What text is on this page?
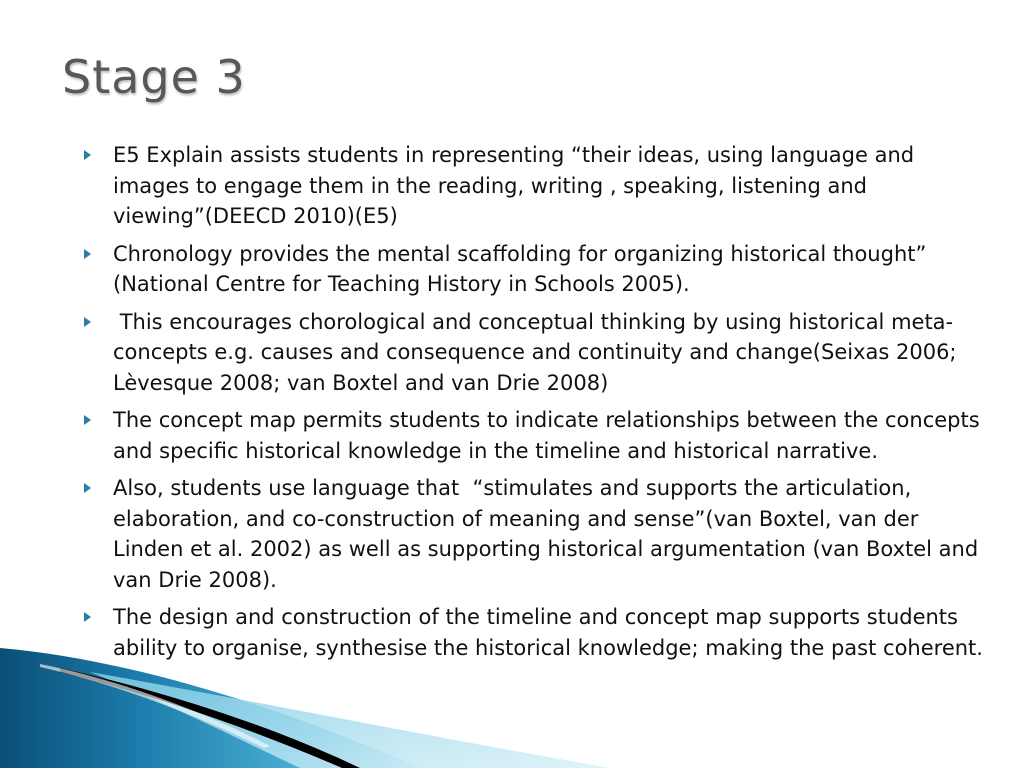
Stage 3
E5 Explain assists students in representing “their ideas, using language and images to engage them in the reading, writing , speaking, listening and viewing”(DEECD 2010)(E5)
Chronology provides the mental scaffolding for organizing historical thought” (National Centre for Teaching History in Schools 2005).
This encourages chorological and conceptual thinking by using historical meta-concepts e.g. causes and consequence and continuity and change(Seixas 2006; Lèvesque 2008; van Boxtel and van Drie 2008)
The concept map permits students to indicate relationships between the concepts and specific historical knowledge in the timeline and historical narrative.
Also, students use language that  “stimulates and supports the articulation, elaboration, and co-construction of meaning and sense”(van Boxtel, van der Linden et al. 2002) as well as supporting historical argumentation (van Boxtel and van Drie 2008).
The design and construction of the timeline and concept map supports students ability to organise, synthesise the historical knowledge; making the past coherent.
